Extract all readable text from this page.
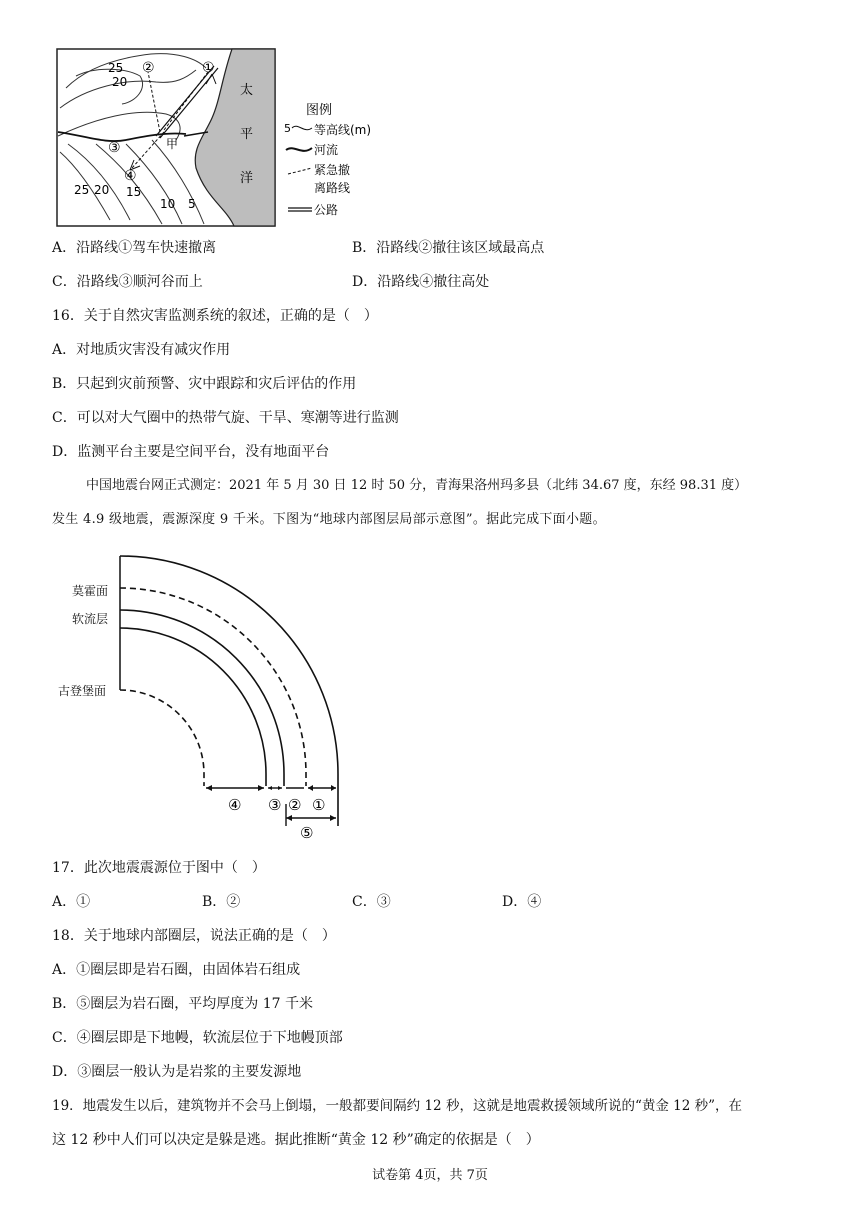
25
20
25 20 15
10 5
②	①
③
④
甲
太
平
洋
图例
5 等高线(m)
河流
紧急撤
离路线
公路
A．沿路线①驾车快速撤离	B．沿路线②撤往该区域最高点
C．沿路线③顺河谷而上	D．沿路线④撤往高处
16．关于自然灾害监测系统的叙述，正确的是（　）
A．对地质灾害没有减灾作用
B．只起到灾前预警、灾中跟踪和灾后评估的作用
C．可以对大气圈中的热带气旋、干旱、寒潮等进行监测
D．监测平台主要是空间平台，没有地面平台
中国地震台网正式测定：2021 年 5 月 30 日 12 时 50 分，青海果洛州玛多县（北纬 34.67 度，东经 98.31 度）
发生 4.9 级地震，震源深度 9 千米。下图为“地球内部图层局部示意图”。据此完成下面小题。
④ ③ ② ①
⑤
莫霍面
软流层
古登堡面
17．此次地震震源位于图中（　）
A．①	B．②	C．③	D．④
18．关于地球内部圈层，说法正确的是（　）
A．①圈层即是岩石圈，由固体岩石组成
B．⑤圈层为岩石圈，平均厚度为 17 千米
C．④圈层即是下地幔，软流层位于下地幔顶部
D．③圈层一般认为是岩浆的主要发源地
19．地震发生以后，建筑物并不会马上倒塌，一般都要间隔约 12 秒，这就是地震救援领域所说的“黄金 12 秒”，在
这 12 秒中人们可以决定是躲是逃。据此推断“黄金 12 秒”确定的依据是（　）
试卷第 4页，共 7页
